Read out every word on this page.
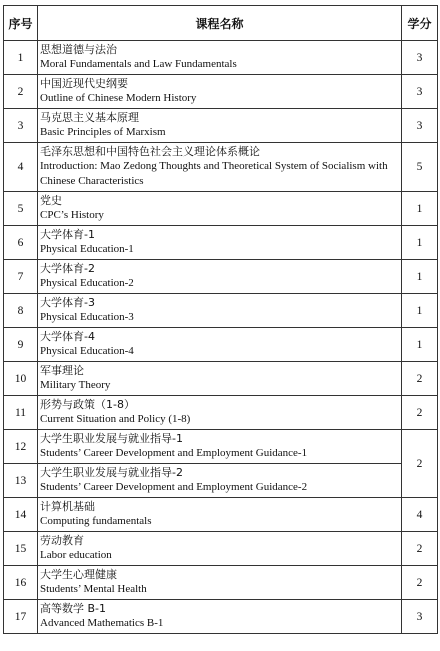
序号	课程名称	学分
1	思想道德与法治
Moral Fundamentals and Law Fundamentals	3
2	中国近现代史纲要
Outline of Chinese Modern History	3
3	马克思主义基本原理
Basic Principles of Marxism	3
4	毛泽东思想和中国特色社会主义理论体系概论
Introduction: Mao Zedong Thoughts and Theoretical System of Socialism with Chinese Characteristics	5
5	党史
CPC’s History	1
6	大学体育-1
Physical Education-1	1
7	大学体育-2
Physical Education-2	1
8	大学体育-3
Physical Education-3	1
9	大学体育-4
Physical Education-4	1
10	军事理论
Military Theory	2
11	形势与政策（1-8）
Current Situation and Policy (1-8)	2
12	大学生职业发展与就业指导-1
Students’ Career Development and Employment Guidance-1	2
13	大学生职业发展与就业指导-2
Students’ Career Development and Employment Guidance-2	

14	计算机基础
Computing fundamentals	4
15	劳动教育
Labor education	2
16	大学生心理健康
Students’ Mental Health	2
17	高等数学 B-1
Advanced Mathematics B-1	3
